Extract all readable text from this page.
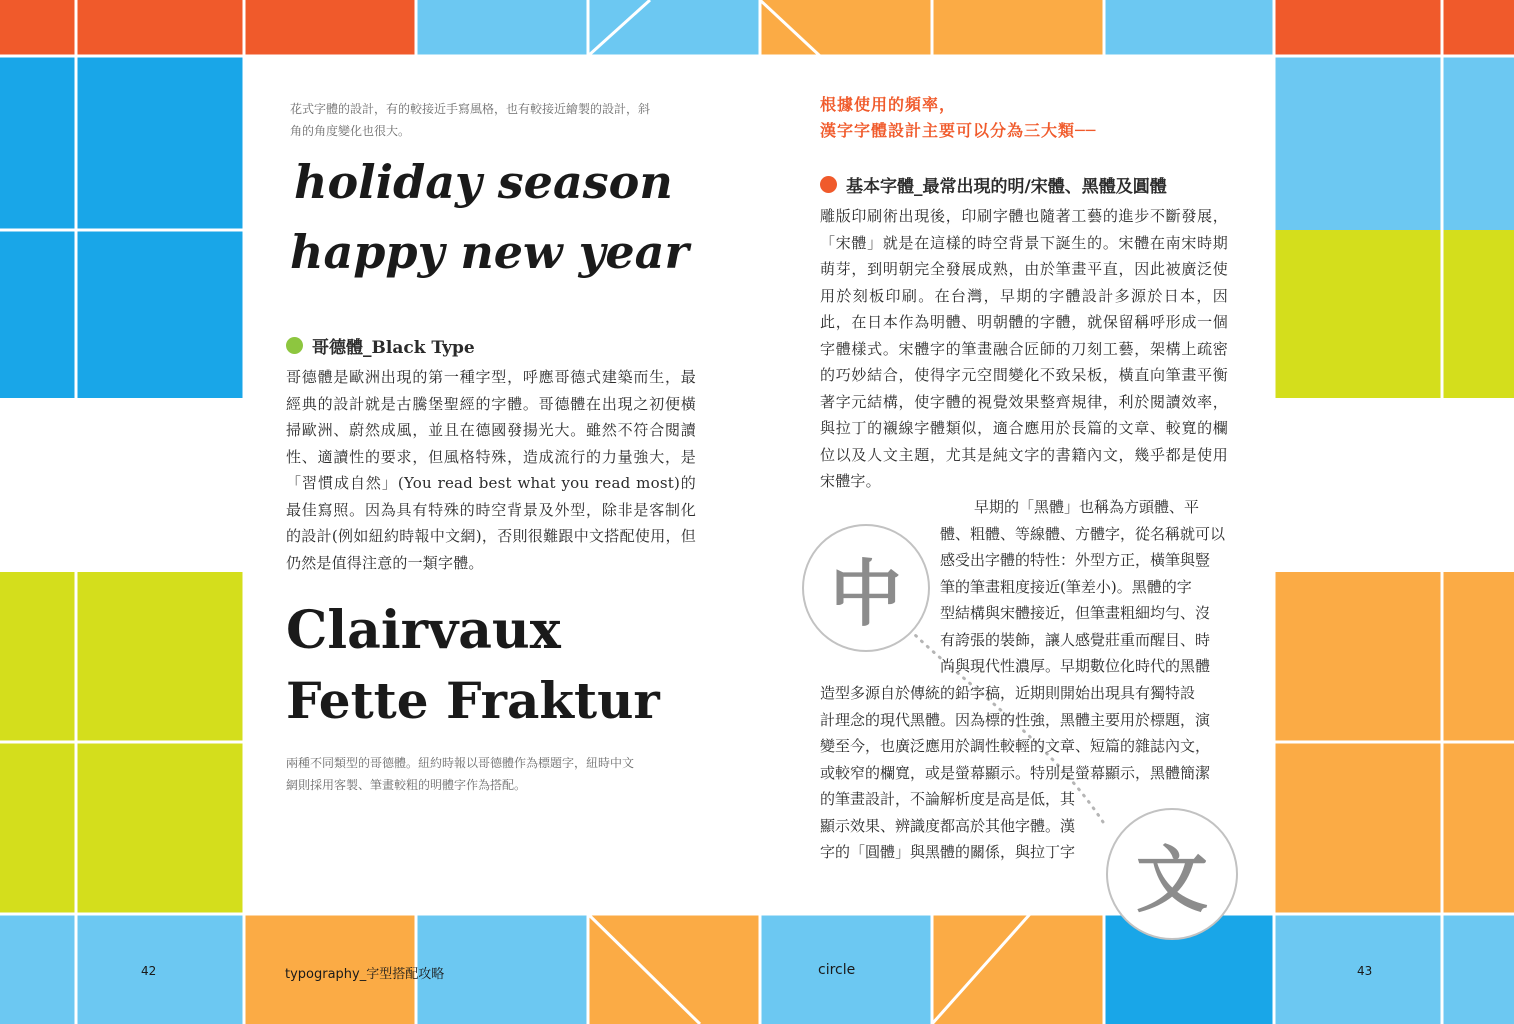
花式字體的設計，有的較接近手寫風格，也有較接近繪製的設計，斜角的角度變化也很大。

holiday season
happy new year
哥德體_Black Type

哥德體是歐洲出現的第一種字型，呼應哥德式建築而生，最經典的設計就是古騰堡聖經的字體。哥德體在出現之初便橫掃歐洲、蔚然成風，並且在德國發揚光大。雖然不符合閱讀性、適讀性的要求，但風格特殊，造成流行的力量強大，是「習慣成自然」(You read best what you read most)的最佳寫照。因為具有特殊的時空背景及外型，除非是客制化的設計(例如紐約時報中文網)，否則很難跟中文搭配使用，但仍然是值得注意的一類字體。

Clairvaux
Fette Fraktur

兩種不同類型的哥德體。紐約時報以哥德體作為標題字，紐時中文網則採用客製、筆畫較粗的明體字作為搭配。

根據使用的頻率，
漢字字體設計主要可以分為三大類──
基本字體_最常出現的明/宋體、黑體及圓體

雕版印刷術出現後，印刷字體也隨著工藝的進步不斷發展，「宋體」就是在這樣的時空背景下誕生的。宋體在南宋時期萌芽，到明朝完全發展成熟，由於筆畫平直，因此被廣泛使用於刻板印刷。在台灣，早期的字體設計多源於日本，因此，在日本作為明體、明朝體的字體，就保留稱呼形成一個字體樣式。宋體字的筆畫融合匠師的刀刻工藝，架構上疏密的巧妙結合，使得字元空間變化不致呆板，橫直向筆畫平衡著字元結構，使字體的視覺效果整齊規律，利於閱讀效率，與拉丁的襯線字體類似，適合應用於長篇的文章、較寬的欄位以及人文主題，尤其是純文字的書籍內文，幾乎都是使用宋體字。

早期的「黑體」也稱為方頭體、平
體、粗體、等線體、方體字，從名稱就可以
感受出字體的特性：外型方正，橫筆與豎
筆的筆畫粗度接近(筆差小)。黑體的字
型結構與宋體接近，但筆畫粗細均勻、沒
有誇張的裝飾，讓人感覺莊重而醒目、時
尚與現代性濃厚。早期數位化時代的黑體
造型多源自於傳統的鉛字稿，近期則開始出現具有獨特設
計理念的現代黑體。因為標的性強，黑體主要用於標題，演
變至今，也廣泛應用於調性較輕的文章、短篇的雜誌內文，
或較窄的欄寬，或是螢幕顯示。特別是螢幕顯示，黑體簡潔
的筆畫設計，不論解析度是高是低，其
顯示效果、辨識度都高於其他字體。漢
字的「圓體」與黑體的關係，與拉丁字
中
文
42	typography_字型搭配攻略	circle	43
